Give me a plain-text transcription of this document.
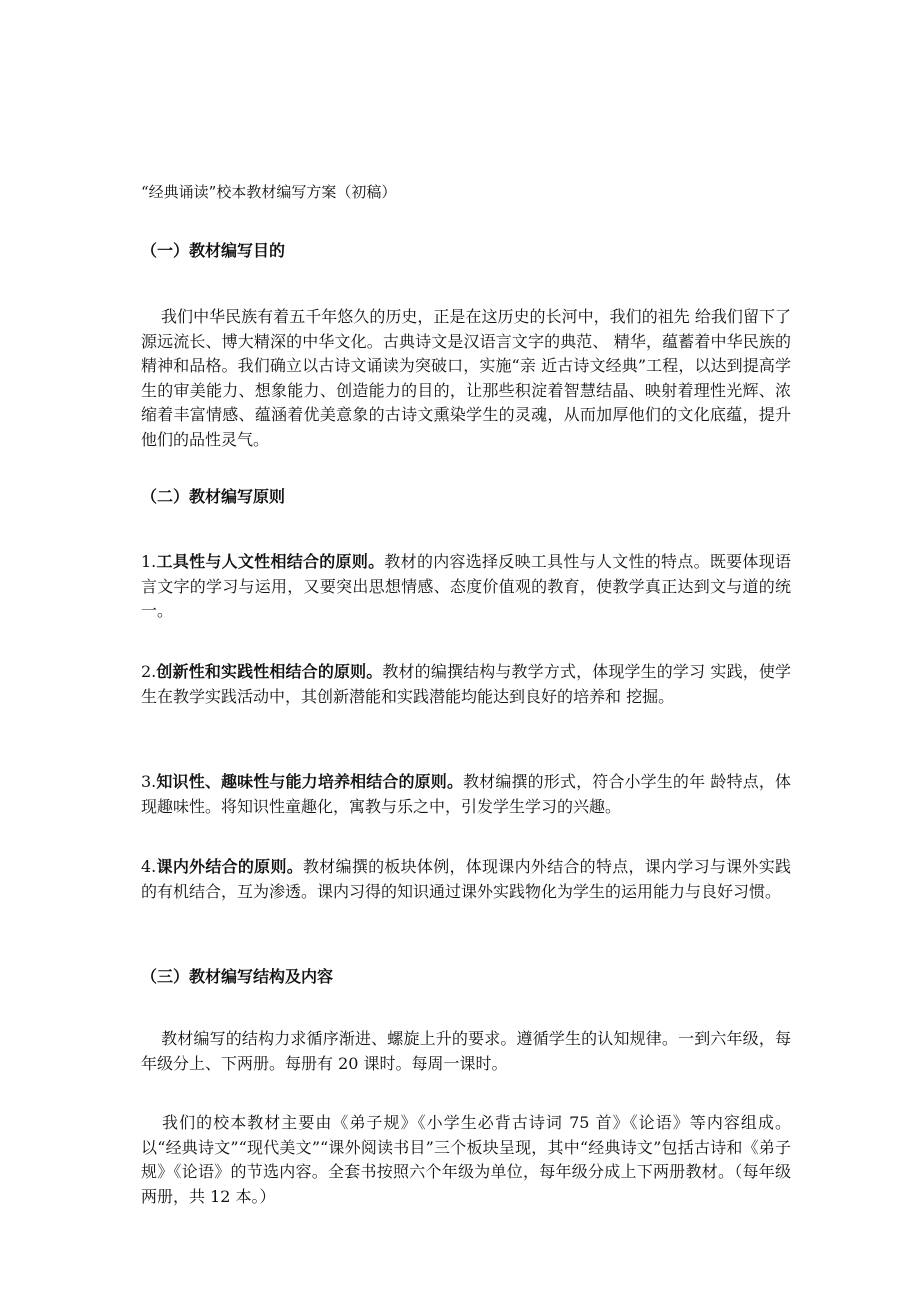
“经典诵读”校本教材编写方案（初稿）
（一）教材编写目的

我们中华民族有着五千年悠久的历史，正是在这历史的长河中，我们的祖先 给我们留下了源远流长、博大精深的中华文化。古典诗文是汉语言文字的典范、 精华，蕴蓄着中华民族的精神和品格。我们确立以古诗文诵读为突破口，实施“亲 近古诗文经典”工程，以达到提高学生的审美能力、想象能力、创造能力的目的，让那些积淀着智慧结晶、映射着理性光辉、浓缩着丰富情感、蕴涵着优美意象的古诗文熏染学生的灵魂，从而加厚他们的文化底蕴，提升他们的品性灵气。

（二）教材编写原则

1.工具性与人文性相结合的原则。教材的内容选择反映工具性与人文性的特点。既要体现语言文字的学习与运用，又要突出思想情感、态度价值观的教育，使教学真正达到文与道的统一。

2.创新性和实践性相结合的原则。教材的编撰结构与教学方式，体现学生的学习 实践，使学生在教学实践活动中，其创新潜能和实践潜能均能达到良好的培养和 挖掘。

3.知识性、趣味性与能力培养相结合的原则。教材编撰的形式，符合小学生的年 龄特点，体现趣味性。将知识性童趣化，寓教与乐之中，引发学生学习的兴趣。

4.课内外结合的原则。教材编撰的板块体例，体现课内外结合的特点，课内学习与课外实践的有机结合，互为渗透。课内习得的知识通过课外实践物化为学生的运用能力与良好习惯。

（三）教材编写结构及内容

教材编写的结构力求循序渐进、螺旋上升的要求。遵循学生的认知规律。一到六年级，每年级分上、下两册。每册有 20 课时。每周一课时。

我们的校本教材主要由《弟子规》《小学生必背古诗词 75 首》《论语》等内容组成。以“经典诗文”“现代美文”“课外阅读书目”三个板块呈现，其中“经典诗文”包括古诗和《弟子规》《论语》的节选内容。全套书按照六个年级为单位，每年级分成上下两册教材。（每年级两册，共 12 本。）
